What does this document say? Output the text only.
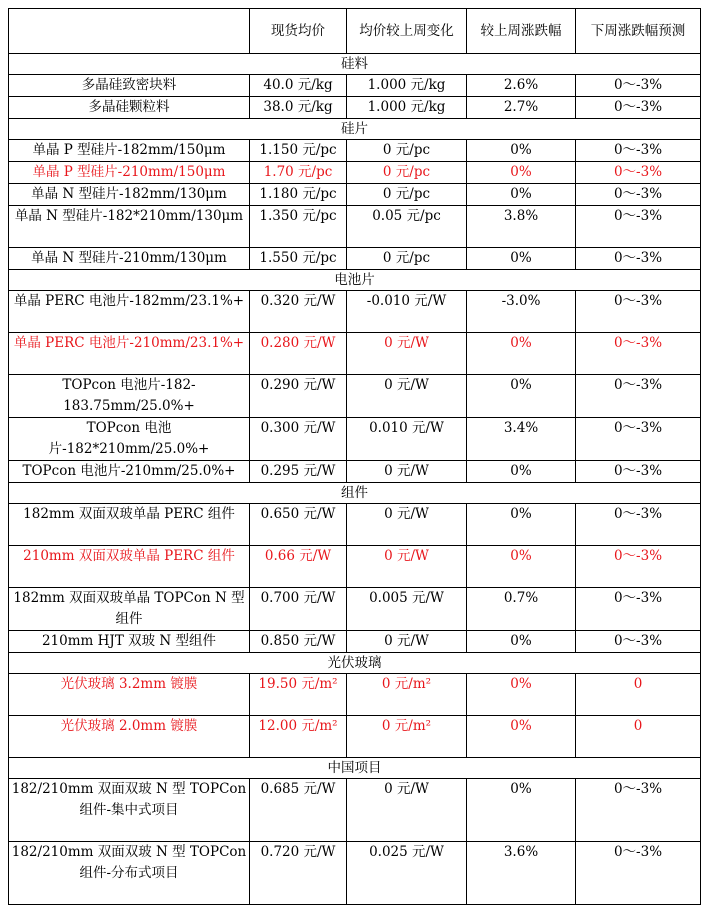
	现货均价	均价较上周变化	较上周涨跌幅	下周涨跌幅预测
硅料				
多晶硅致密块料	40.0 元/kg	1.000 元/kg	2.6%	0～-3%
多晶硅颗粒料	38.0 元/kg	1.000 元/kg	2.7%	0～-3%
硅片				
单晶 P 型硅片-182mm/150μm	1.150 元/pc	0 元/pc	0%	0～-3%
单晶 P 型硅片-210mm/150μm	1.70 元/pc	0 元/pc	0%	0～-3%
单晶 N 型硅片-182mm/130μm	1.180 元/pc	0 元/pc	0%	0～-3%
单晶 N 型硅片-182*210mm/130μm	1.350 元/pc	0.05 元/pc	3.8%	0～-3%
单晶 N 型硅片-210mm/130μm	1.550 元/pc	0 元/pc	0%	0～-3%
电池片				
单晶 PERC 电池片-182mm/23.1%+	0.320 元/W	-0.010 元/W	-3.0%	0～-3%
单晶 PERC 电池片-210mm/23.1%+	0.280 元/W	0 元/W	0%	0～-3%
TOPcon 电池片-182-183.75mm/25.0%+	0.290 元/W	0 元/W	0%	0～-3%
TOPcon 电池片-182*210mm/25.0%+	0.300 元/W	0.010 元/W	3.4%	0～-3%
TOPcon 电池片-210mm/25.0%+	0.295 元/W	0 元/W	0%	0～-3%
组件				
182mm 双面双玻单晶 PERC 组件	0.650 元/W	0 元/W	0%	0～-3%
210mm 双面双玻单晶 PERC 组件	0.66 元/W	0 元/W	0%	0～-3%
182mm 双面双玻单晶 TOPCon N 型组件	0.700 元/W	0.005 元/W	0.7%	0～-3%
210mm HJT 双玻 N 型组件	0.850 元/W	0 元/W	0%	0～-3%
光伏玻璃				
光伏玻璃 3.2mm 镀膜	19.50 元/m²	0 元/m²	0%	0
光伏玻璃 2.0mm 镀膜	12.00 元/m²	0 元/m²	0%	0
中国项目				
182/210mm 双面双玻 N 型 TOPCon 组件-集中式项目	0.685 元/W	0 元/W	0%	0～-3%
182/210mm 双面双玻 N 型 TOPCon 组件-分布式项目	0.720 元/W	0.025 元/W	3.6%	0～-3%
